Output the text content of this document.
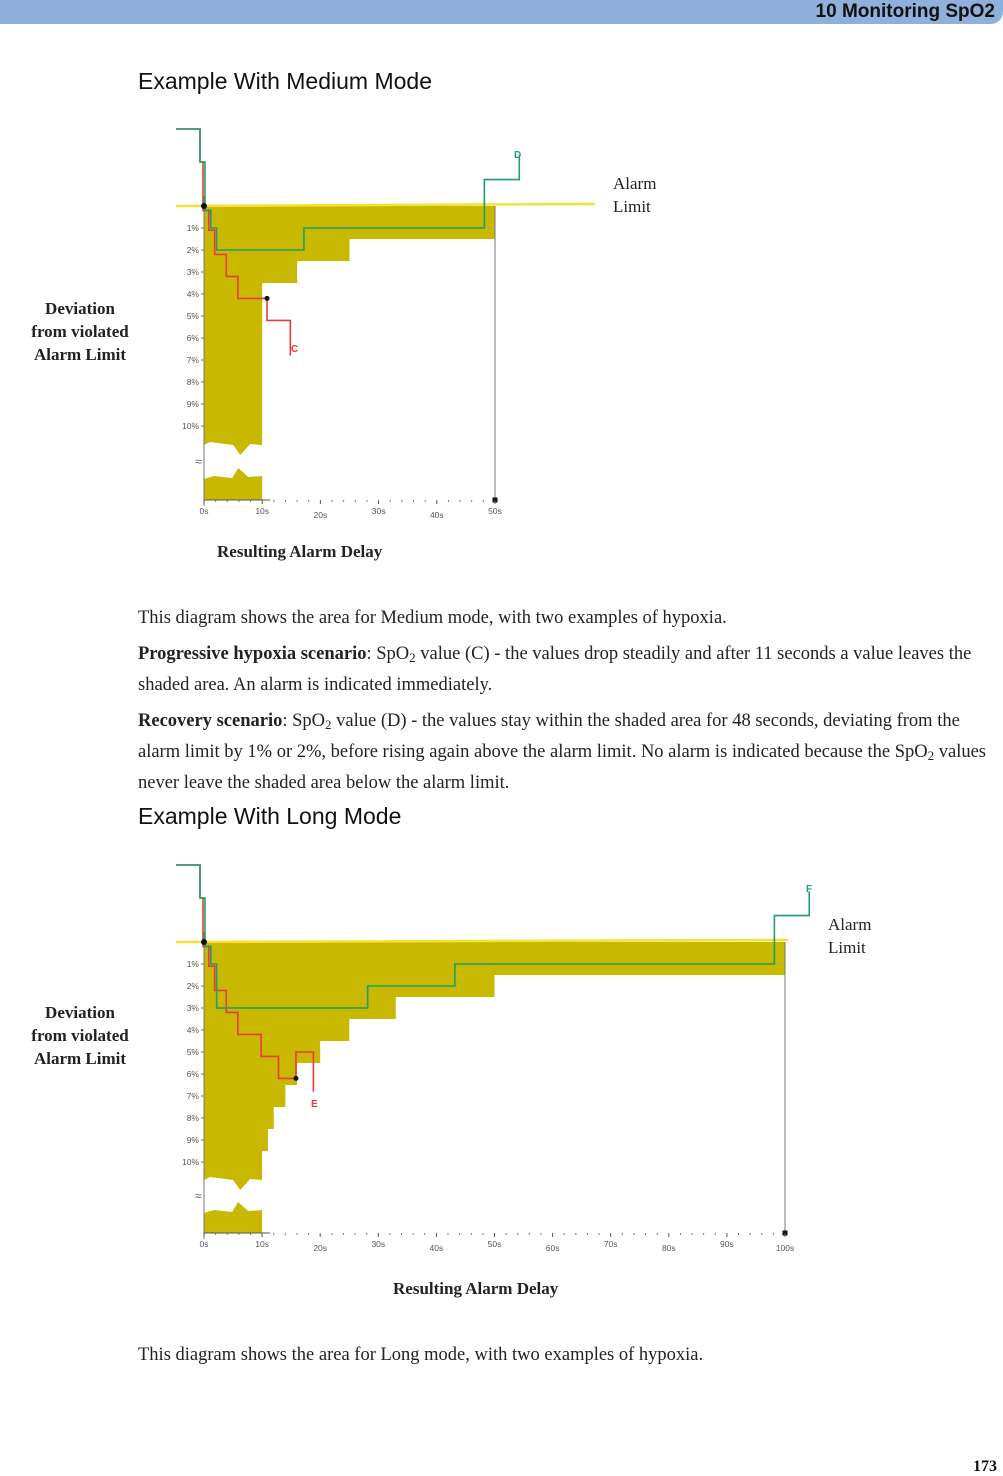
10 Monitoring SpO2
Example With Medium Mode
Deviation
from violated
Alarm Limit
Alarm
Limit
≈
1%
2%
3%
4%
5%
6%
7%
8%
9%
10%
0s	10s	20s	30s	40s	50s
C
D
Resulting Alarm Delay

This diagram shows the area for Medium mode, with two examples of hypoxia.

Progressive hypoxia scenario: SpO$_2$ value (C) - the values drop steadily and after 11 seconds a value leaves the shaded area. An alarm is indicated immediately.

Recovery scenario: SpO$_2$ value (D) - the values stay within the shaded area for 48 seconds, deviating from the alarm limit by 1% or 2%, before rising again above the alarm limit. No alarm is indicated because the SpO$_2$ values never leave the shaded area below the alarm limit.

Example With Long Mode
Deviation
from violated
Alarm Limit
Alarm
Limit
≈
1%
2%
3%
4%
5%
6%
7%
8%
9%
10%
0s	10s	20s	30s	40s	50s	60s	70s	80s	90s	100s
E
F
Resulting Alarm Delay

This diagram shows the area for Long mode, with two examples of hypoxia.

173
